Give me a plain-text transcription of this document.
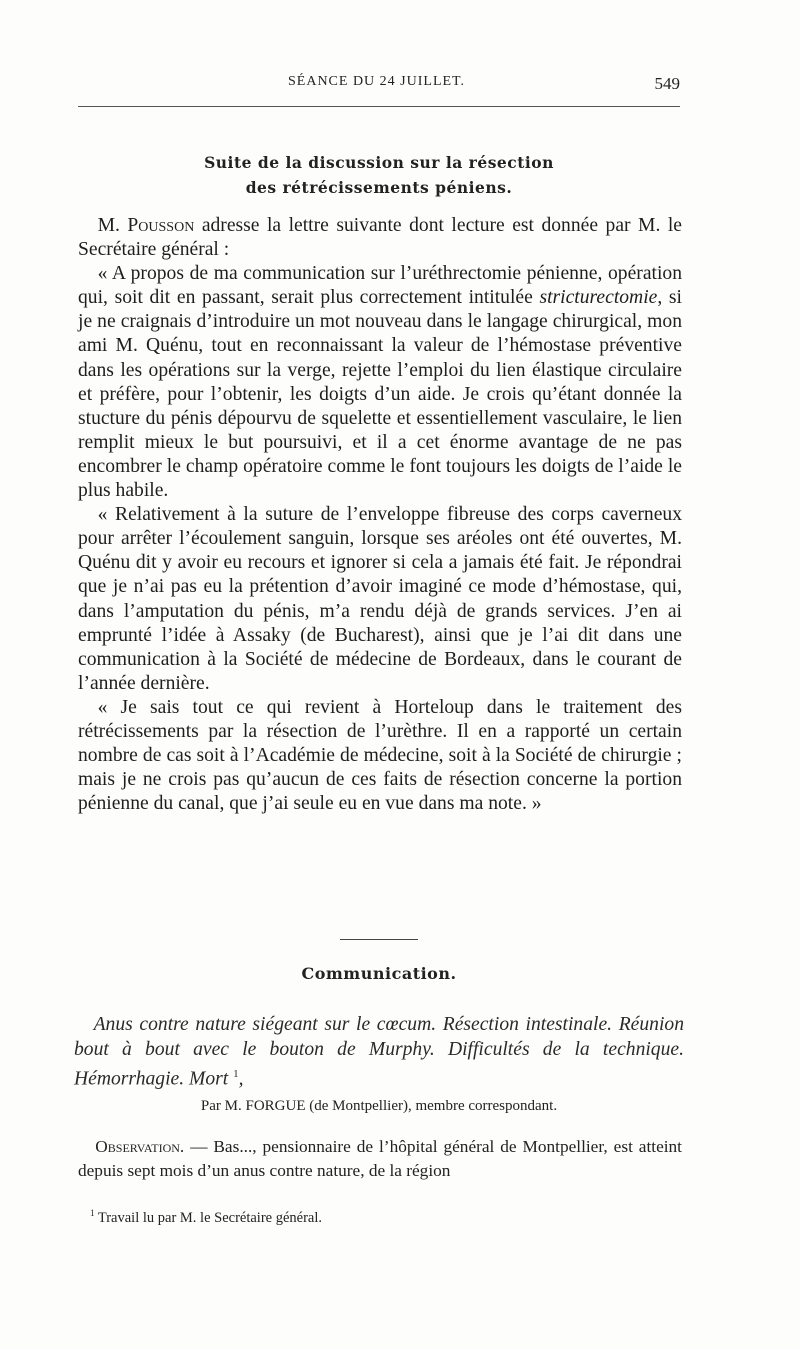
SÉANCE DU 24 JUILLET.	549
Suite de la discussion sur la résection
des rétrécissements péniens.

 M. Pousson adresse la lettre suivante dont lecture est donnée par M. le Secrétaire général :

 « A propos de ma communication sur l’uréthrectomie pénienne, opération qui, soit dit en passant, serait plus correctement intitulée stricturectomie, si je ne craignais d’introduire un mot nouveau dans le langage chirurgical, mon ami M. Quénu, tout en reconnaissant la valeur de l’hémostase préventive dans les opérations sur la verge, rejette l’emploi du lien élastique circulaire et préfère, pour l’obtenir, les doigts d’un aide. Je crois qu’étant donnée la stucture du pénis dépourvu de squelette et essentiellement vasculaire, le lien remplit mieux le but poursuivi, et il a cet énorme avantage de ne pas encombrer le champ opératoire comme le font toujours les doigts de l’aide le plus habile.

 « Relativement à la suture de l’enveloppe fibreuse des corps caverneux pour arrêter l’écoulement sanguin, lorsque ses aréoles ont été ouvertes, M. Quénu dit y avoir eu recours et ignorer si cela a jamais été fait. Je répondrai que je n’ai pas eu la prétention d’avoir imaginé ce mode d’hémostase, qui, dans l’amputation du pénis, m’a rendu déjà de grands services. J’en ai emprunté l’idée à Assaky (de Bucharest), ainsi que je l’ai dit dans une communication à la Société de médecine de Bordeaux, dans le courant de l’année dernière.

 « Je sais tout ce qui revient à Horteloup dans le traitement des rétrécissements par la résection de l’urèthre. Il en a rapporté un certain nombre de cas soit à l’Académie de médecine, soit à la Société de chirurgie ; mais je ne crois pas qu’aucun de ces faits de résection concerne la portion pénienne du canal, que j’ai seule eu en vue dans ma note. »

Communication.
 Anus contre nature siégeant sur le cœcum. Résection intestinale. Réunion bout à bout avec le bouton de Murphy. Difficultés de la technique. Hémorrhagie. Mort $^1$,
Par M. FORGUE (de Montpellier), membre correspondant.
 Observation. — Bas..., pensionnaire de l’hôpital général de Montpellier, est atteint depuis sept mois d’un anus contre nature, de la région
$^1$ Travail lu par M. le Secrétaire général.
